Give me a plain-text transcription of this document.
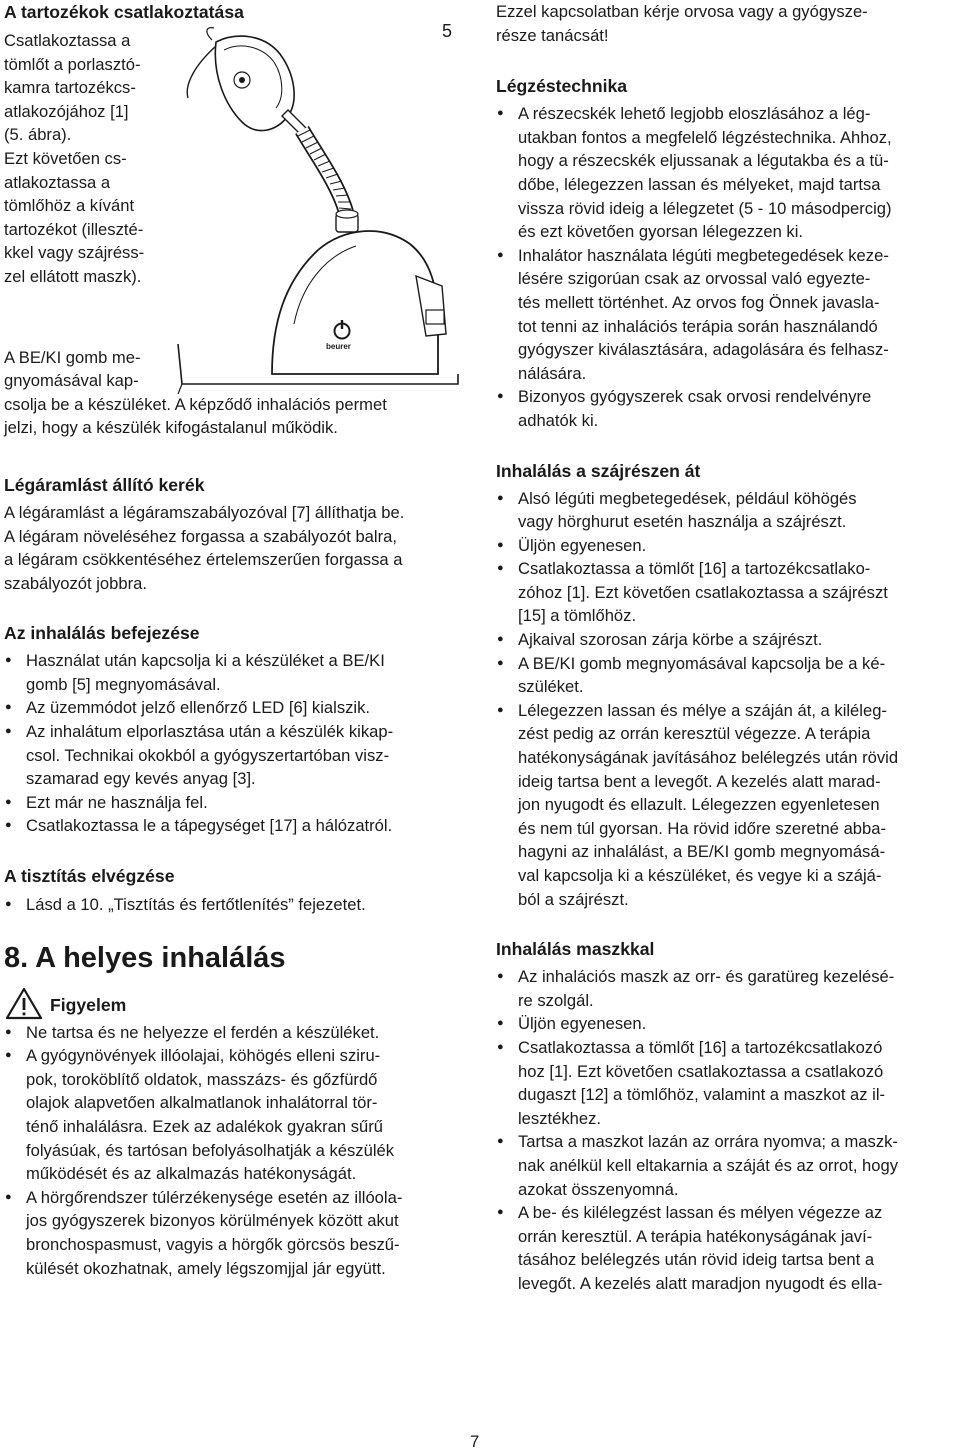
A tartozékok csatlakoztatása

Csatlakoztassa a
tömlőt a porlasztó-
kamra tartozékcs-
atlakozójához [1]
(5. ábra).
Ezt követően cs-
atlakoztassa a
tömlőhöz a kívánt
tartozékot (illeszté-
kkel vagy szájréss-
zel ellátott maszk).
A BE/KI gomb me-
gnyomásával kap-
csolja be a készüléket. A képződő inhalációs permet
jelzi, hogy a készülék kifogástalanul működik.

Légáramlást állító kerék

A légáramlást a légáramszabályozóval [7] állíthatja be.
A légáram növeléséhez forgassa a szabályozót balra,
a légáram csökkentéséhez értelemszerűen forgassa a
szabályozót jobbra.

Az inhalálás befejezése

● Használat után kapcsolja ki a készüléket a BE/KI
gomb [5] megnyomásával.
● Az üzemmódot jelző ellenőrző LED [6] kialszik.
● Az inhalátum elporlasztása után a készülék kikap-
csol. Technikai okokból a gyógyszertartóban visz-
szamarad egy kevés anyag [3].
● Ezt már ne használja fel.
● Csatlakoztassa le a tápegységet [17] a hálózatról.

A tisztítás elvégzése

● Lásd a 10. „Tisztítás és fertőtlenítés” fejezetet.

8. A helyes inhalálás

Figyelem
● Ne tartsa és ne helyezze el ferdén a készüléket.
● A gyógynövények illóolajai, köhögés elleni sziru-
pok, toroköblítő oldatok, masszázs- és gőzfürdő
olajok alapvetően alkalmatlanok inhalátorral tör-
ténő inhalálásra. Ezek az adalékok gyakran sűrű
folyásúak, és tartósan befolyásolhatják a készülék
működését és az alkalmazás hatékonyságát.
● A hörgőrendszer túlérzékenysége esetén az illóola-
jos gyógyszerek bizonyos körülmények között akut
bronchospasmust, vagyis a hörgők görcsös beszű-
külését okozhatnak, amely légszomjjal jár együtt.
5
beurer
Ezzel kapcsolatban kérje orvosa vagy a gyógysze-
része tanácsát!

Légzéstechnika

● A részecskék lehető legjobb eloszlásához a lég-
utakban fontos a megfelelő légzéstechnika. Ahhoz,
hogy a részecskék eljussanak a légutakba és a tü-
dőbe, lélegezzen lassan és mélyeket, majd tartsa
vissza rövid ideig a lélegzetet (5 - 10 másodpercig)
és ezt követően gyorsan lélegezzen ki.
● Inhalátor használata légúti megbetegedések keze-
lésére szigorúan csak az orvossal való egyezte-
tés mellett történhet. Az orvos fog Önnek javasla-
tot tenni az inhalációs terápia során használandó
gyógyszer kiválasztására, adagolására és felhasz-
nálására.
● Bizonyos gyógyszerek csak orvosi rendelvényre
adhatók ki.

Inhalálás a szájrészen át

● Alsó légúti megbetegedések, például köhögés
vagy hörghurut esetén használja a szájrészt.
● Üljön egyenesen.
● Csatlakoztassa a tömlőt [16] a tartozékcsatlako-
zóhoz [1]. Ezt követően csatlakoztassa a szájrészt
[15] a tömlőhöz.
● Ajkaival szorosan zárja körbe a szájrészt.
● A BE/KI gomb megnyomásával kapcsolja be a ké-
szüléket.
● Lélegezzen lassan és mélye a száján át, a kiléleg-
zést pedig az orrán keresztül végezze. A terápia
hatékonyságának javításához belélegzés után rövid
ideig tartsa bent a levegőt. A kezelés alatt marad-
jon nyugodt és ellazult. Lélegezzen egyenletesen
és nem túl gyorsan. Ha rövid időre szeretné abba-
hagyni az inhalálást, a BE/KI gomb megnyomásá-
val kapcsolja ki a készüléket, és vegye ki a szájá-
ból a szájrészt.

Inhalálás maszkkal

● Az inhalációs maszk az orr- és garatüreg kezelésé-
re szolgál.
● Üljön egyenesen.
● Csatlakoztassa a tömlőt [16] a tartozékcsatlakozó
hoz [1]. Ezt követően csatlakoztassa a csatlakozó
dugaszt [12] a tömlőhöz, valamint a maszkot az il-
lesztékhez.
● Tartsa a maszkot lazán az orrára nyomva; a maszk-
nak anélkül kell eltakarnia a száját és az orrot, hogy
azokat összenyomná.
● A be- és kilélegzést lassan és mélyen végezze az
orrán keresztül. A terápia hatékonyságának javí-
tásához belélegzés után rövid ideig tartsa bent a
levegőt. A kezelés alatt maradjon nyugodt és ella-
7
